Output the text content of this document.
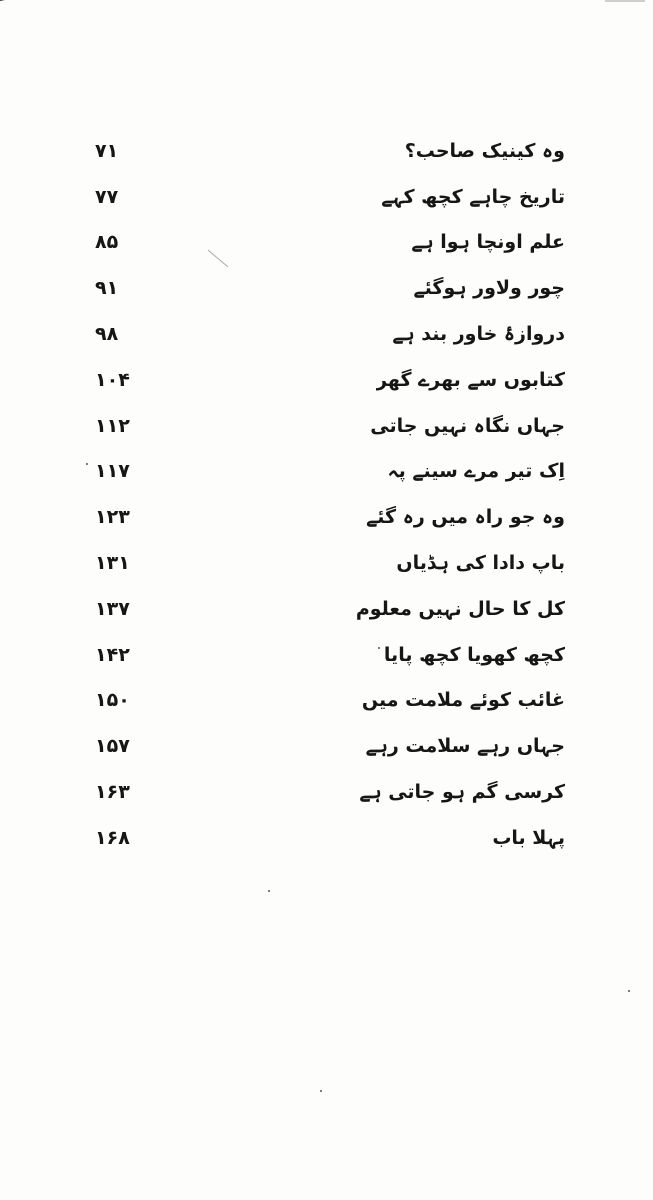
۷۱	وہ کینیک صاحب؟
۷۷	تاریخ چاہے کچھ کہے
۸۵	علم اونچا ہوا ہے
۹۱	چور ولاور ہوگئے
۹۸	دروازۂ خاور بند ہے
۱۰۴	کتابوں سے بھرے گھر
۱۱۲	جہاں نگاہ نہیں جاتی
۱۱۷	اِک تیر مرے سینے پہ
۱۲۳	وہ جو راہ میں رہ گئے
۱۳۱	باپ دادا کی ہڈیاں
۱۳۷	کل کا حال نہیں معلوم
۱۴۲	کچھ کھویا کچھ پایا
۱۵۰	غائب کوئے ملامت میں
۱۵۷	جہاں رہے سلامت رہے
۱۶۳	کرسی گم ہو جاتی ہے
۱۶۸	پہلا باب
